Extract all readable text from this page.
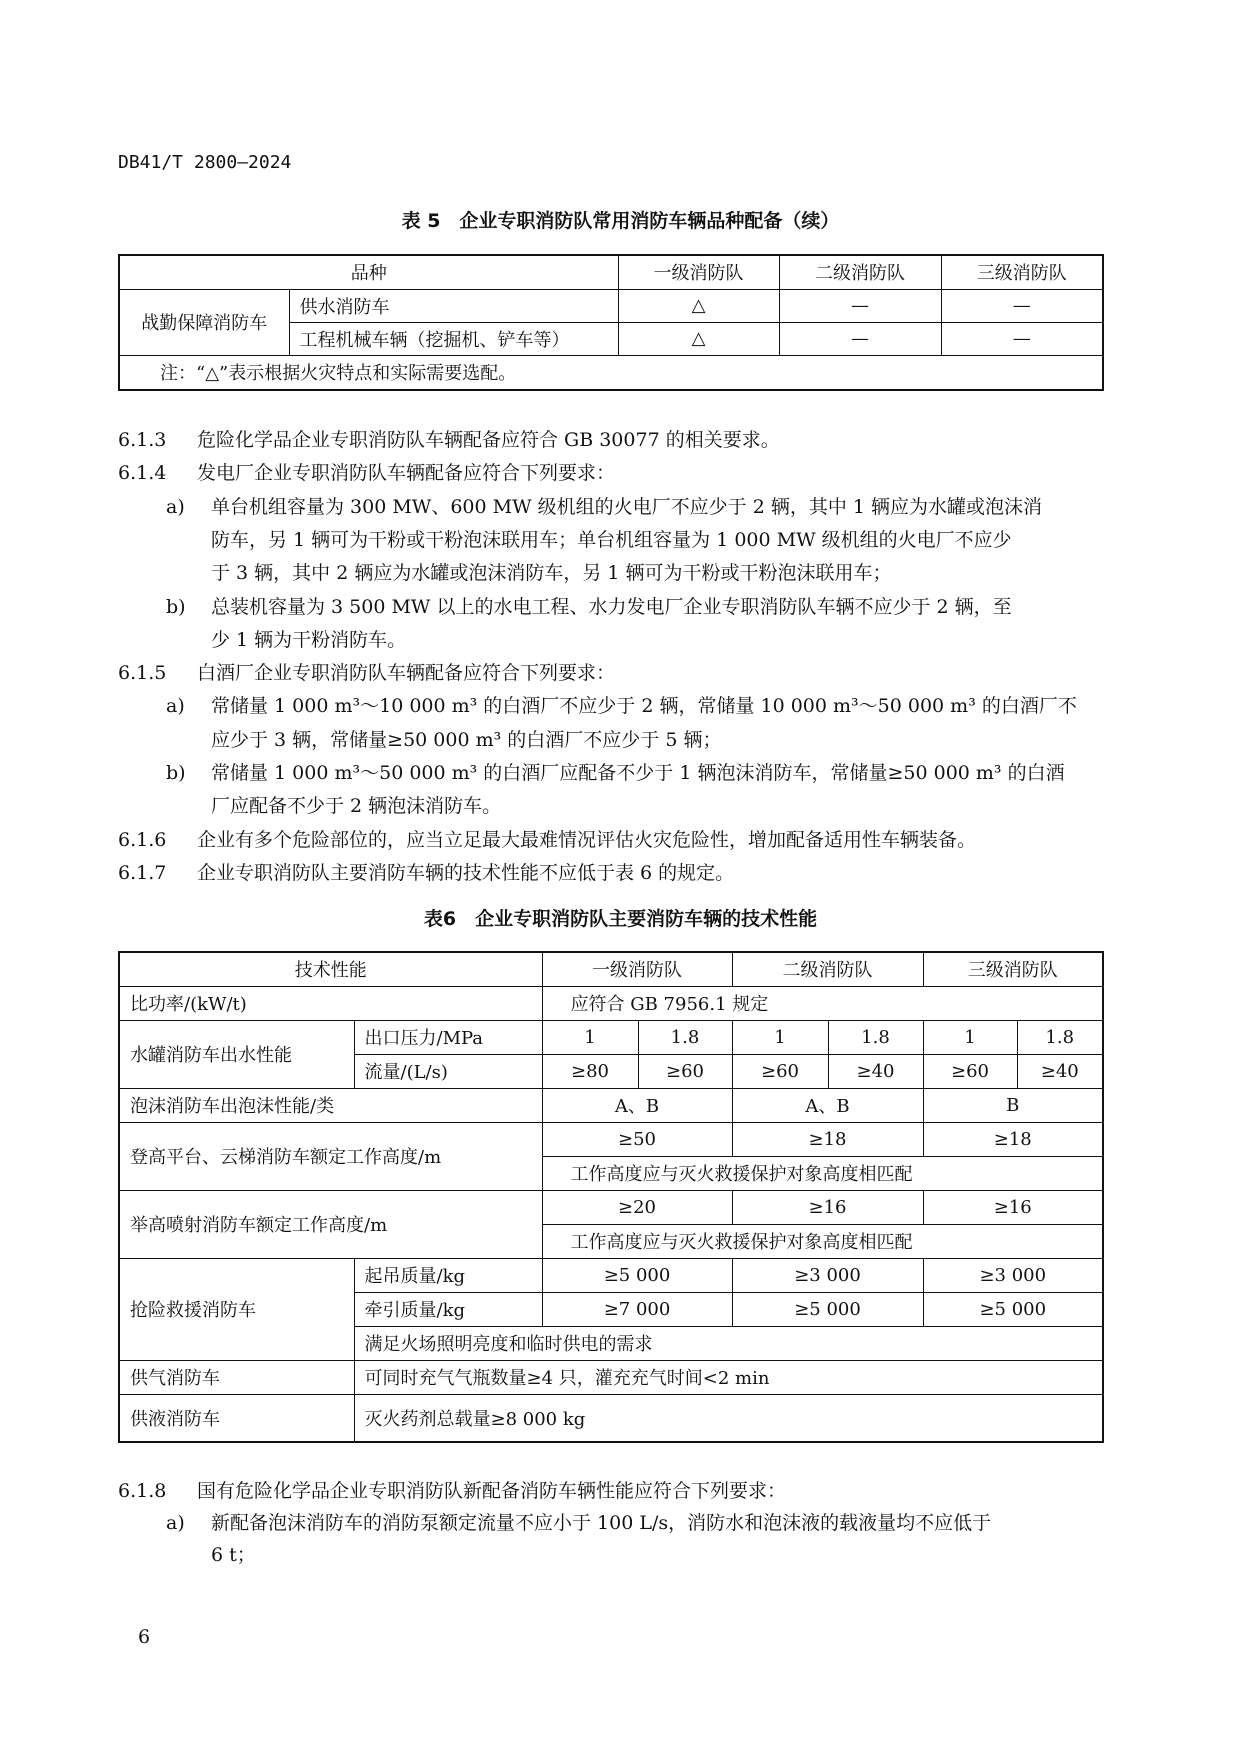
DB41/T 2800—2024
表 5　企业专职消防队常用消防车辆品种配备（续）
品种		一级消防队	二级消防队	三级消防队
战勤保障消防车	供水消防车	△	—	—
	工程机械车辆（挖掘机、铲车等）	△	—	—
注：“△”表示根据火灾特点和实际需要选配。				
6.1.3 危险化学品企业专职消防队车辆配备应符合 GB 30077 的相关要求。
6.1.4 发电厂企业专职消防队车辆配备应符合下列要求：
a) 单台机组容量为 300 MW、600 MW 级机组的火电厂不应少于 2 辆，其中 1 辆应为水罐或泡沫消
防车，另 1 辆可为干粉或干粉泡沫联用车；单台机组容量为 1 000 MW 级机组的火电厂不应少
于 3 辆，其中 2 辆应为水罐或泡沫消防车，另 1 辆可为干粉或干粉泡沫联用车；
b) 总装机容量为 3 500 MW 以上的水电工程、水力发电厂企业专职消防队车辆不应少于 2 辆，至
少 1 辆为干粉消防车。
6.1.5 白酒厂企业专职消防队车辆配备应符合下列要求：
a) 常储量 1 000 m³～10 000 m³ 的白酒厂不应少于 2 辆，常储量 10 000 m³～50 000 m³ 的白酒厂不
应少于 3 辆，常储量≥50 000 m³ 的白酒厂不应少于 5 辆；
b) 常储量 1 000 m³～50 000 m³ 的白酒厂应配备不少于 1 辆泡沫消防车，常储量≥50 000 m³ 的白酒
厂应配备不少于 2 辆泡沫消防车。
6.1.6 企业有多个危险部位的，应当立足最大最难情况评估火灾危险性，增加配备适用性车辆装备。
6.1.7 企业专职消防队主要消防车辆的技术性能不应低于表 6 的规定。
表6　企业专职消防队主要消防车辆的技术性能
技术性能		一级消防队		二级消防队		三级消防队	
比功率/(kW/t)		应符合 GB 7956.1 规定					
水罐消防车出水性能	出口压力/MPa	1	1.8	1	1.8	1	1.8
	流量/(L/s)	≥80	≥60	≥60	≥40	≥60	≥40
泡沫消防车出泡沫性能/类		A、B		A、B		B	
登高平台、云梯消防车额定工作高度/m		≥50		≥18		≥18	
		工作高度应与灭火救援保护对象高度相匹配					
举高喷射消防车额定工作高度/m		≥20		≥16		≥16	
		工作高度应与灭火救援保护对象高度相匹配					
抢险救援消防车	起吊质量/kg	≥5 000		≥3 000		≥3 000	
	牵引质量/kg	≥7 000		≥5 000		≥5 000	
	满足火场照明亮度和临时供电的需求						
供气消防车	可同时充气气瓶数量≥4 只，灌充充气时间<2 min						
供液消防车	灭火药剂总载量≥8 000 kg						
6.1.8 国有危险化学品企业专职消防队新配备消防车辆性能应符合下列要求：
a) 新配备泡沫消防车的消防泵额定流量不应小于 100 L/s，消防水和泡沫液的载液量均不应低于
6 t；
6
